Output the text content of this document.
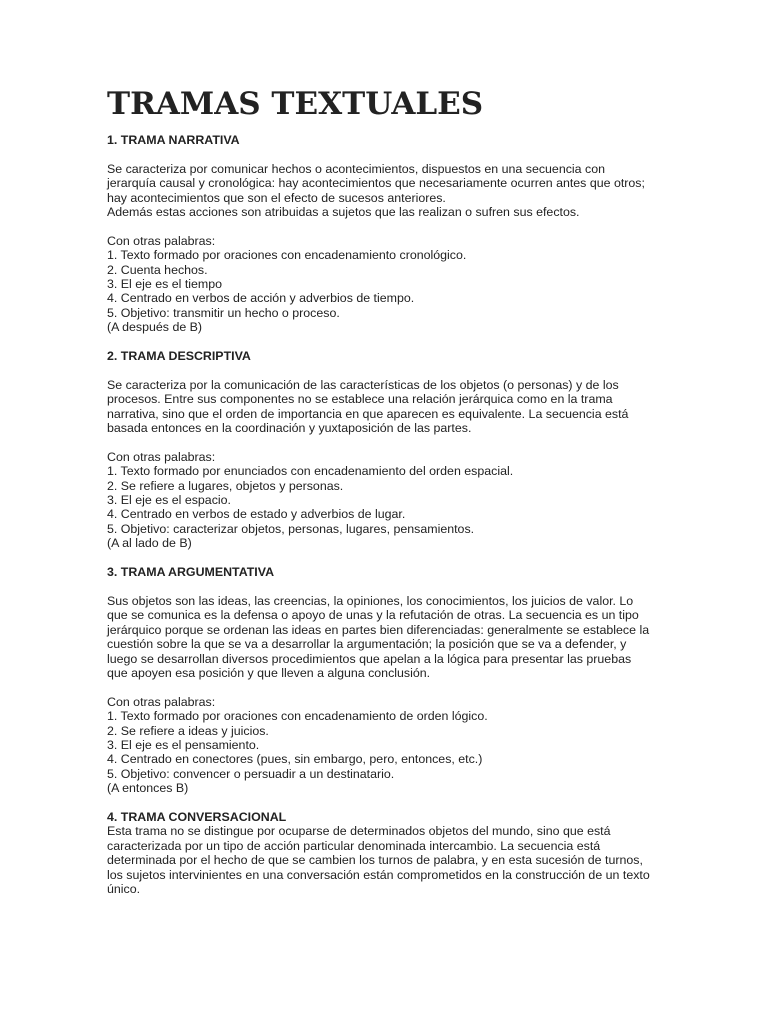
TRAMAS TEXTUALES

1. TRAMA NARRATIVA

Se caracteriza por comunicar hechos o acontecimientos, dispuestos en una secuencia con
jerarquía causal y cronológica: hay acontecimientos que necesariamente ocurren antes que otros;
hay acontecimientos que son el efecto de sucesos anteriores.
Además estas acciones son atribuidas a sujetos que las realizan o sufren sus efectos.

Con otras palabras:

1. Texto formado por oraciones con encadenamiento cronológico.
2. Cuenta hechos.
3. El eje es el tiempo
4. Centrado en verbos de acción y adverbios de tiempo.
5. Objetivo: transmitir un hecho o proceso.
(A después de B)

2. TRAMA DESCRIPTIVA

Se caracteriza por la comunicación de las características de los objetos (o personas) y de los
procesos. Entre sus componentes no se establece una relación jerárquica como en la trama
narrativa, sino que el orden de importancia en que aparecen es equivalente. La secuencia está
basada entonces en la coordinación y yuxtaposición de las partes.

Con otras palabras:

1. Texto formado por enunciados con encadenamiento del orden espacial.
2. Se refiere a lugares, objetos y personas.
3. El eje es el espacio.
4. Centrado en verbos de estado y adverbios de lugar.
5. Objetivo: caracterizar objetos, personas, lugares, pensamientos.
(A al lado de B)

3. TRAMA ARGUMENTATIVA

Sus objetos son las ideas, las creencias, la opiniones, los conocimientos, los juicios de valor. Lo
que se comunica es la defensa o apoyo de unas y la refutación de otras. La secuencia es un tipo
jerárquico porque se ordenan las ideas en partes bien diferenciadas: generalmente se establece la
cuestión sobre la que se va a desarrollar la argumentación; la posición que se va a defender, y
luego se desarrollan diversos procedimientos que apelan a la lógica para presentar las pruebas
que apoyen esa posición y que lleven a alguna conclusión.

Con otras palabras:

1. Texto formado por oraciones con encadenamiento de orden lógico.
2. Se refiere a ideas y juicios.
3. El eje es el pensamiento.
4. Centrado en conectores (pues, sin embargo, pero, entonces, etc.)
5. Objetivo: convencer o persuadir a un destinatario.
(A entonces B)

4. TRAMA CONVERSACIONAL

Esta trama no se distingue por ocuparse de determinados objetos del mundo, sino que está
caracterizada por un tipo de acción particular denominada intercambio. La secuencia está
determinada por el hecho de que se cambien los turnos de palabra, y en esta sucesión de turnos,
los sujetos intervinientes en una conversación están comprometidos en la construcción de un texto
único.
